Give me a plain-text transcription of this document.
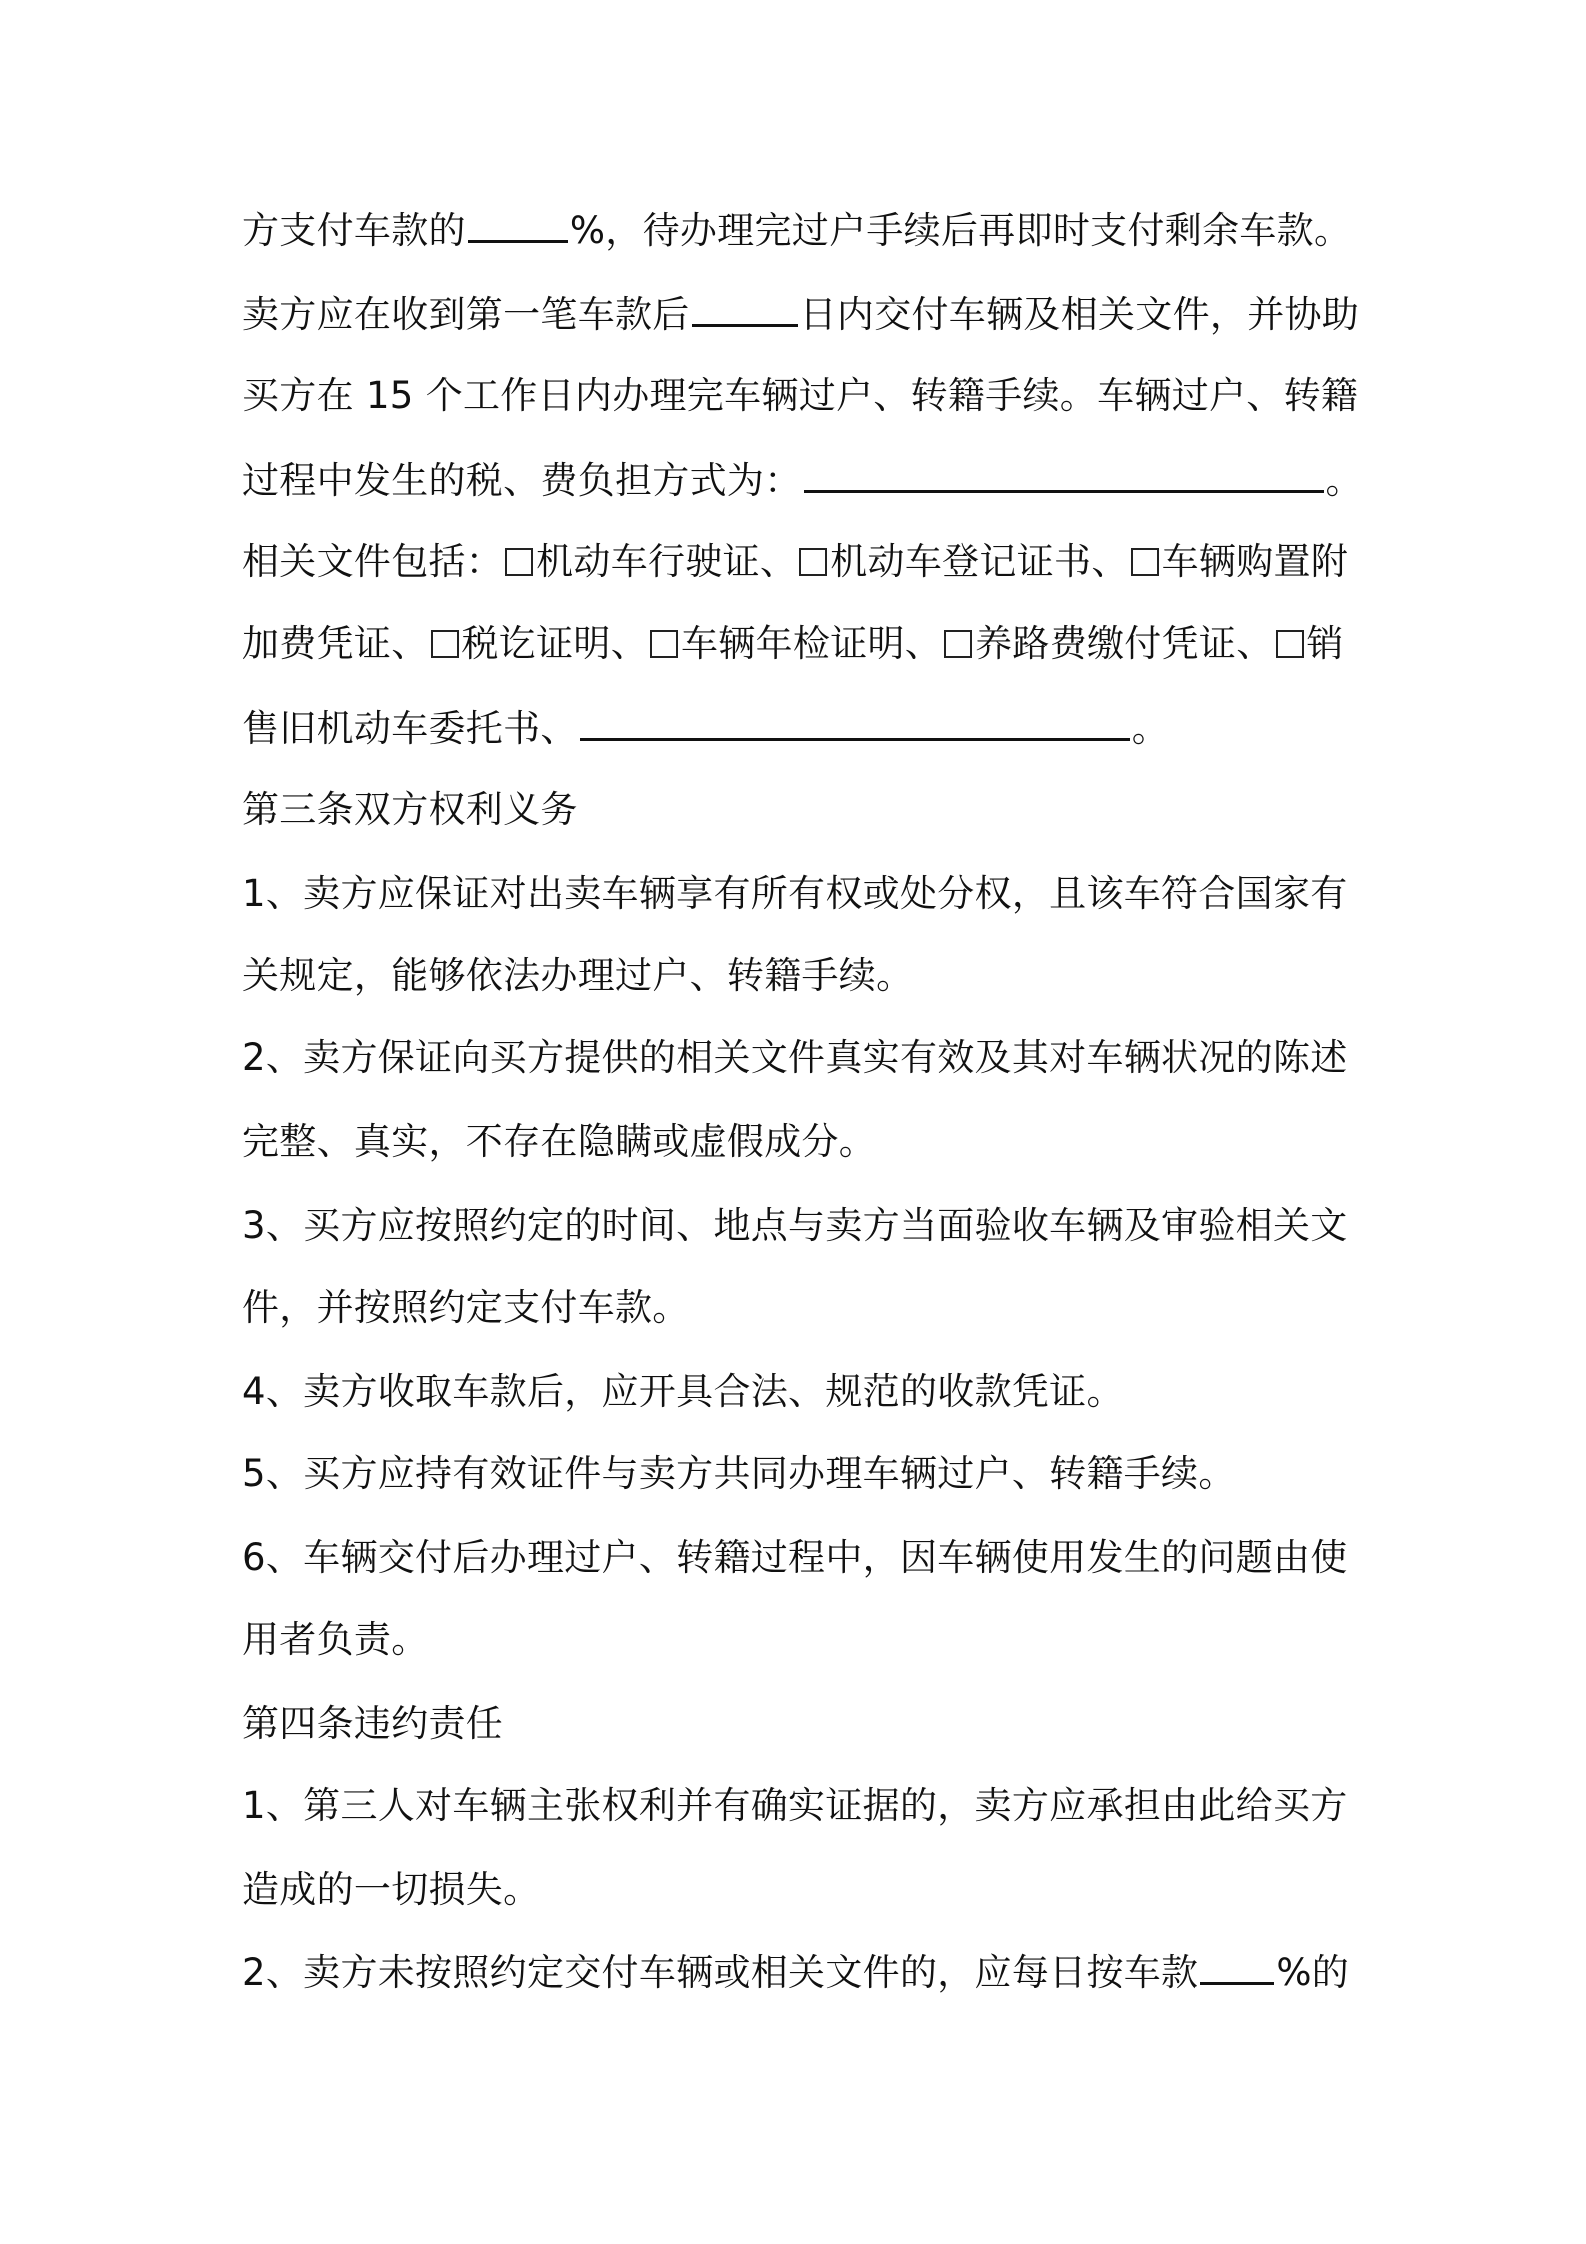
方支付车款的	%，待办理完过户手续后再即时支付剩余车款。
卖方应在收到第一笔车款后	日内交付车辆及相关文件，并协助
买方在 15 个工作日内办理完车辆过户、转籍手续。车辆过户、转籍
过程中发生的税、费负担方式为：	。
相关文件包括： 机动车行驶证、 机动车登记证书、 车辆购置附
加费凭证、 税讫证明、 车辆年检证明、 养路费缴付凭证、 销
售旧机动车委托书、	。
第三条双方权利义务
1、卖方应保证对出卖车辆享有所有权或处分权，且该车符合国家有
关规定，能够依法办理过户、转籍手续。
2、卖方保证向买方提供的相关文件真实有效及其对车辆状况的陈述
完整、真实，不存在隐瞒或虚假成分。
3、买方应按照约定的时间、地点与卖方当面验收车辆及审验相关文
件，并按照约定支付车款。
4、卖方收取车款后，应开具合法、规范的收款凭证。
5、买方应持有效证件与卖方共同办理车辆过户、转籍手续。
6、车辆交付后办理过户、转籍过程中，因车辆使用发生的问题由使
用者负责。
第四条违约责任
1、第三人对车辆主张权利并有确实证据的，卖方应承担由此给买方
造成的一切损失。
2、卖方未按照约定交付车辆或相关文件的，应每日按车款 %的
